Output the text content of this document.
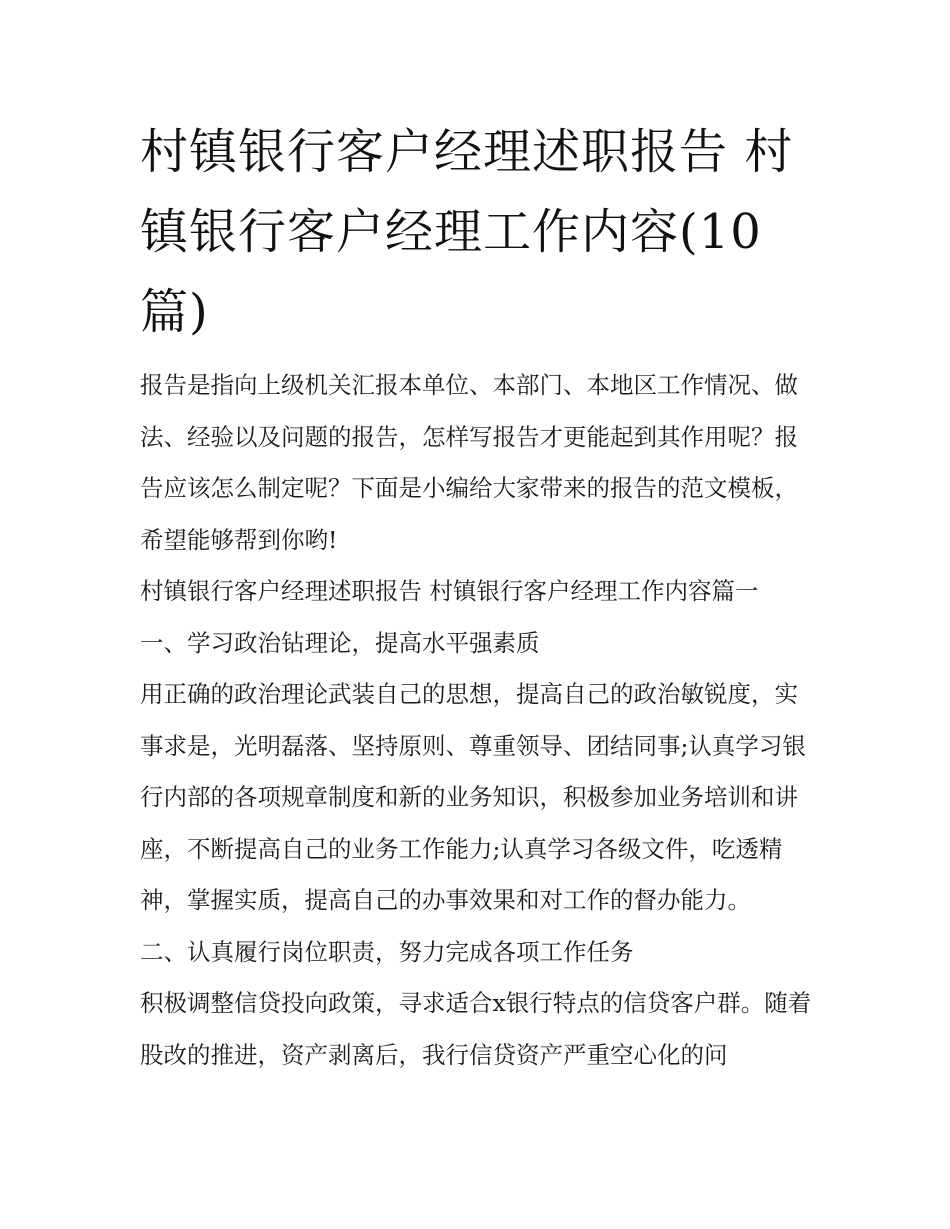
村镇银行客户经理述职报告 村镇银行客户经理工作内容(10篇)

报告是指向上级机关汇报本单位、本部门、本地区工作情况、做法、经验以及问题的报告，怎样写报告才更能起到其作用呢？报告应该怎么制定呢？下面是小编给大家带来的报告的范文模板，希望能够帮到你哟!

村镇银行客户经理述职报告 村镇银行客户经理工作内容篇一

一、学习政治钻理论，提高水平强素质

用正确的政治理论武装自己的思想，提高自己的政治敏锐度，实事求是，光明磊落、坚持原则、尊重领导、团结同事;认真学习银行内部的各项规章制度和新的业务知识，积极参加业务培训和讲座，不断提高自己的业务工作能力;认真学习各级文件，吃透精神，掌握实质，提高自己的办事效果和对工作的督办能力。

二、认真履行岗位职责，努力完成各项工作任务

积极调整信贷投向政策，寻求适合x银行特点的信贷客户群。随着股改的推进，资产剥离后，我行信贷资产严重空心化的问
